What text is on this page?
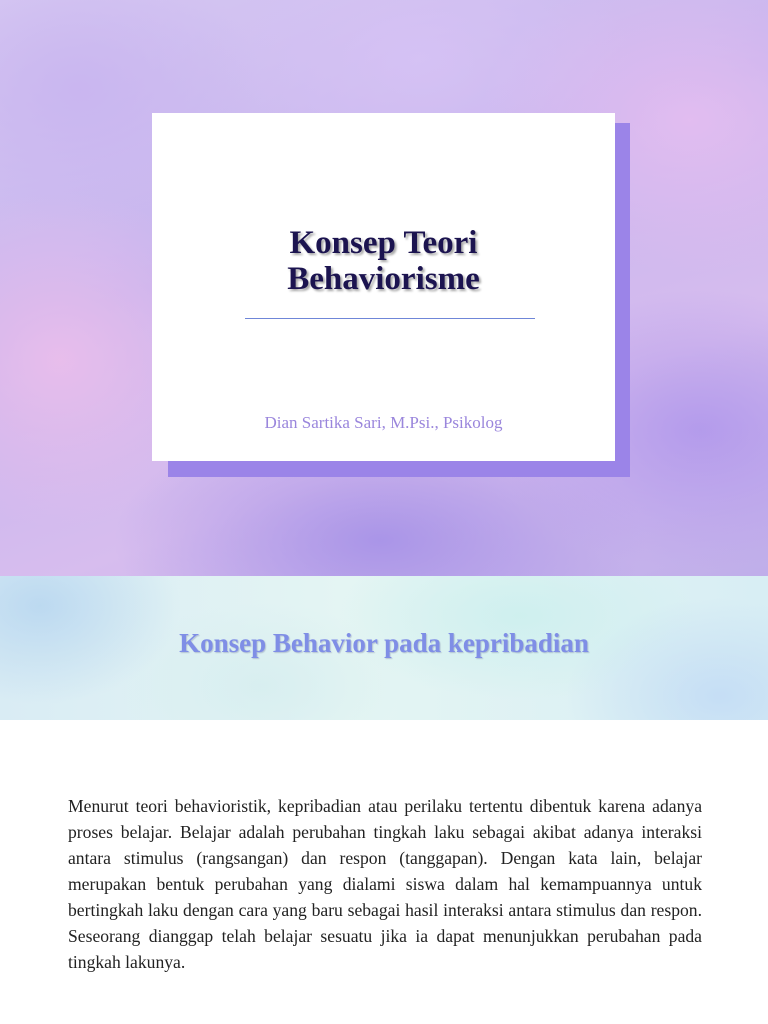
Konsep Teori
Behaviorisme
Dian Sartika Sari, M.Psi., Psikolog
Konsep Behavior pada kepribadian

Menurut teori behavioristik, kepribadian atau perilaku tertentu dibentuk karena adanya proses belajar. Belajar adalah perubahan tingkah laku sebagai akibat adanya interaksi antara stimulus (rangsangan) dan respon (tanggapan). Dengan kata lain, belajar merupakan bentuk perubahan yang dialami siswa dalam hal kemampuannya untuk bertingkah laku dengan cara yang baru sebagai hasil interaksi antara stimulus dan respon. Seseorang dianggap telah belajar sesuatu jika ia dapat menunjukkan perubahan pada tingkah lakunya.
